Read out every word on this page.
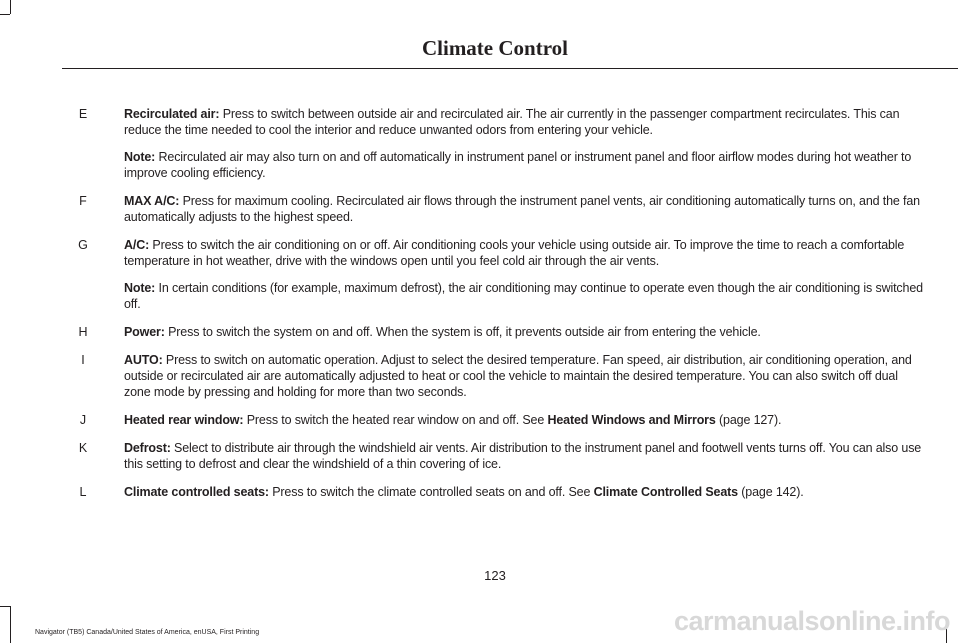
Climate Control
E	Recirculated air: Press to switch between outside air and recirculated air. The air currently in the passenger compartment recirculates. This can reduce the time needed to cool the interior and reduce unwanted odors from entering your vehicle.
Note: Recirculated air may also turn on and off automatically in instrument panel or instrument panel and floor airflow modes during hot weather to improve cooling efficiency.
F	MAX A/C: Press for maximum cooling. Recirculated air flows through the instrument panel vents, air conditioning automatically turns on, and the fan automatically adjusts to the highest speed.
G	A/C: Press to switch the air conditioning on or off. Air conditioning cools your vehicle using outside air. To improve the time to reach a comfortable temperature in hot weather, drive with the windows open until you feel cold air through the air vents.
Note: In certain conditions (for example, maximum defrost), the air conditioning may continue to operate even though the air conditioning is switched off.
H	Power: Press to switch the system on and off. When the system is off, it prevents outside air from entering the vehicle.
I	AUTO: Press to switch on automatic operation. Adjust to select the desired temperature. Fan speed, air distribution, air conditioning operation, and outside or recirculated air are automatically adjusted to heat or cool the vehicle to maintain the desired temperature. You can also switch off dual zone mode by pressing and holding for more than two seconds.
J	Heated rear window: Press to switch the heated rear window on and off. See Heated Windows and Mirrors (page 127).
K	Defrost: Select to distribute air through the windshield air vents. Air distribution to the instrument panel and footwell vents turns off. You can also use this setting to defrost and clear the windshield of a thin covering of ice.
L	Climate controlled seats: Press to switch the climate controlled seats on and off. See Climate Controlled Seats (page 142).
123
Navigator (TB5) Canada/United States of America, enUSA, First Printing	carmanualsonline.info
